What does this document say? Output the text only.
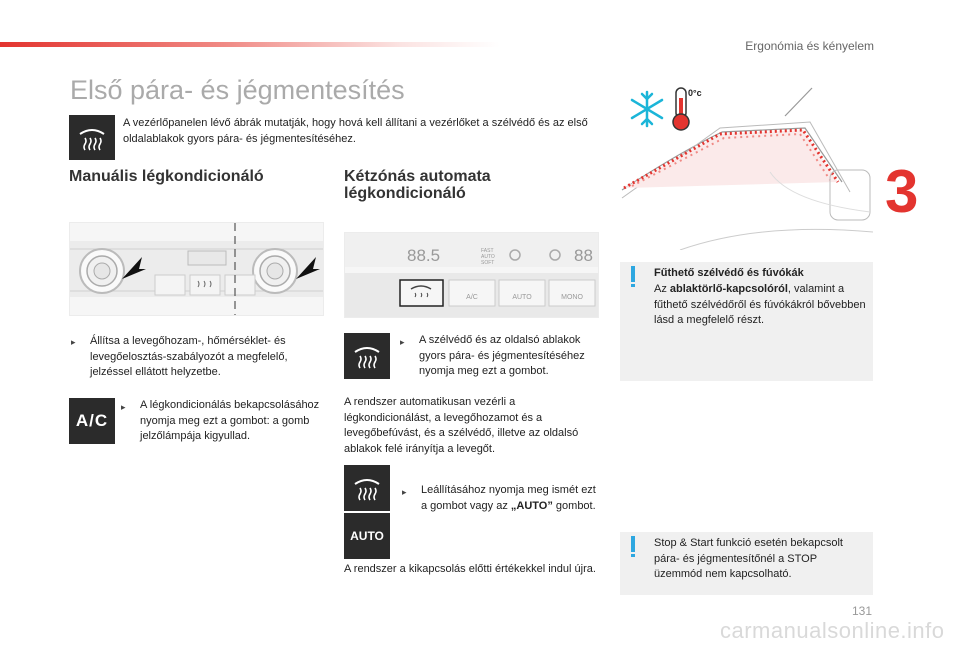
Ergonómia és kényelem
3
Első pára- és jégmentesítés
A vezérlőpanelen lévő ábrák mutatják, hogy hová kell állítani a vezérlőket a szélvédő és az első oldalablakok gyors pára- és jégmentesítéséhez.
Manuális légkondicionáló
▸ Állítsa a levegőhozam-, hőmérséklet- és levegőelosztás-szabályozót a megfelelő, jelzéssel ellátott helyzetbe.
A/C
▸ A légkondicionálás bekapcsolásához nyomja meg ezt a gombot: a gomb jelzőlámpája kigyullad.
Kétzónás automata
légkondicionáló
88.5	FAST
AUTO
SOFT	88
A/C	AUTO	MONO
▸ A szélvédő és az oldalsó ablakok gyors pára- és jégmentesítéséhez nyomja meg ezt a gombot.
A rendszer automatikusan vezérli a légkondicionálást, a levegőhozamot és a levegőbefúvást, és a szélvédő, illetve az oldalsó ablakok felé irányítja a levegőt.
AUTO
▸ Leállításához nyomja meg ismét ezt a gombot vagy az „AUTO” gombot.
A rendszer a kikapcsolás előtti értékekkel indul újra.
0°c
Fűthető szélvédő és fúvókák
Az ablaktörlő-kapcsolóról, valamint a fűthető szélvédőről és fúvókákról bővebben lásd a megfelelő részt.
Stop & Start funkció esetén bekapcsolt pára- és jégmentesítőnél a STOP üzemmód nem kapcsolható.
131
carmanualsonline.info
